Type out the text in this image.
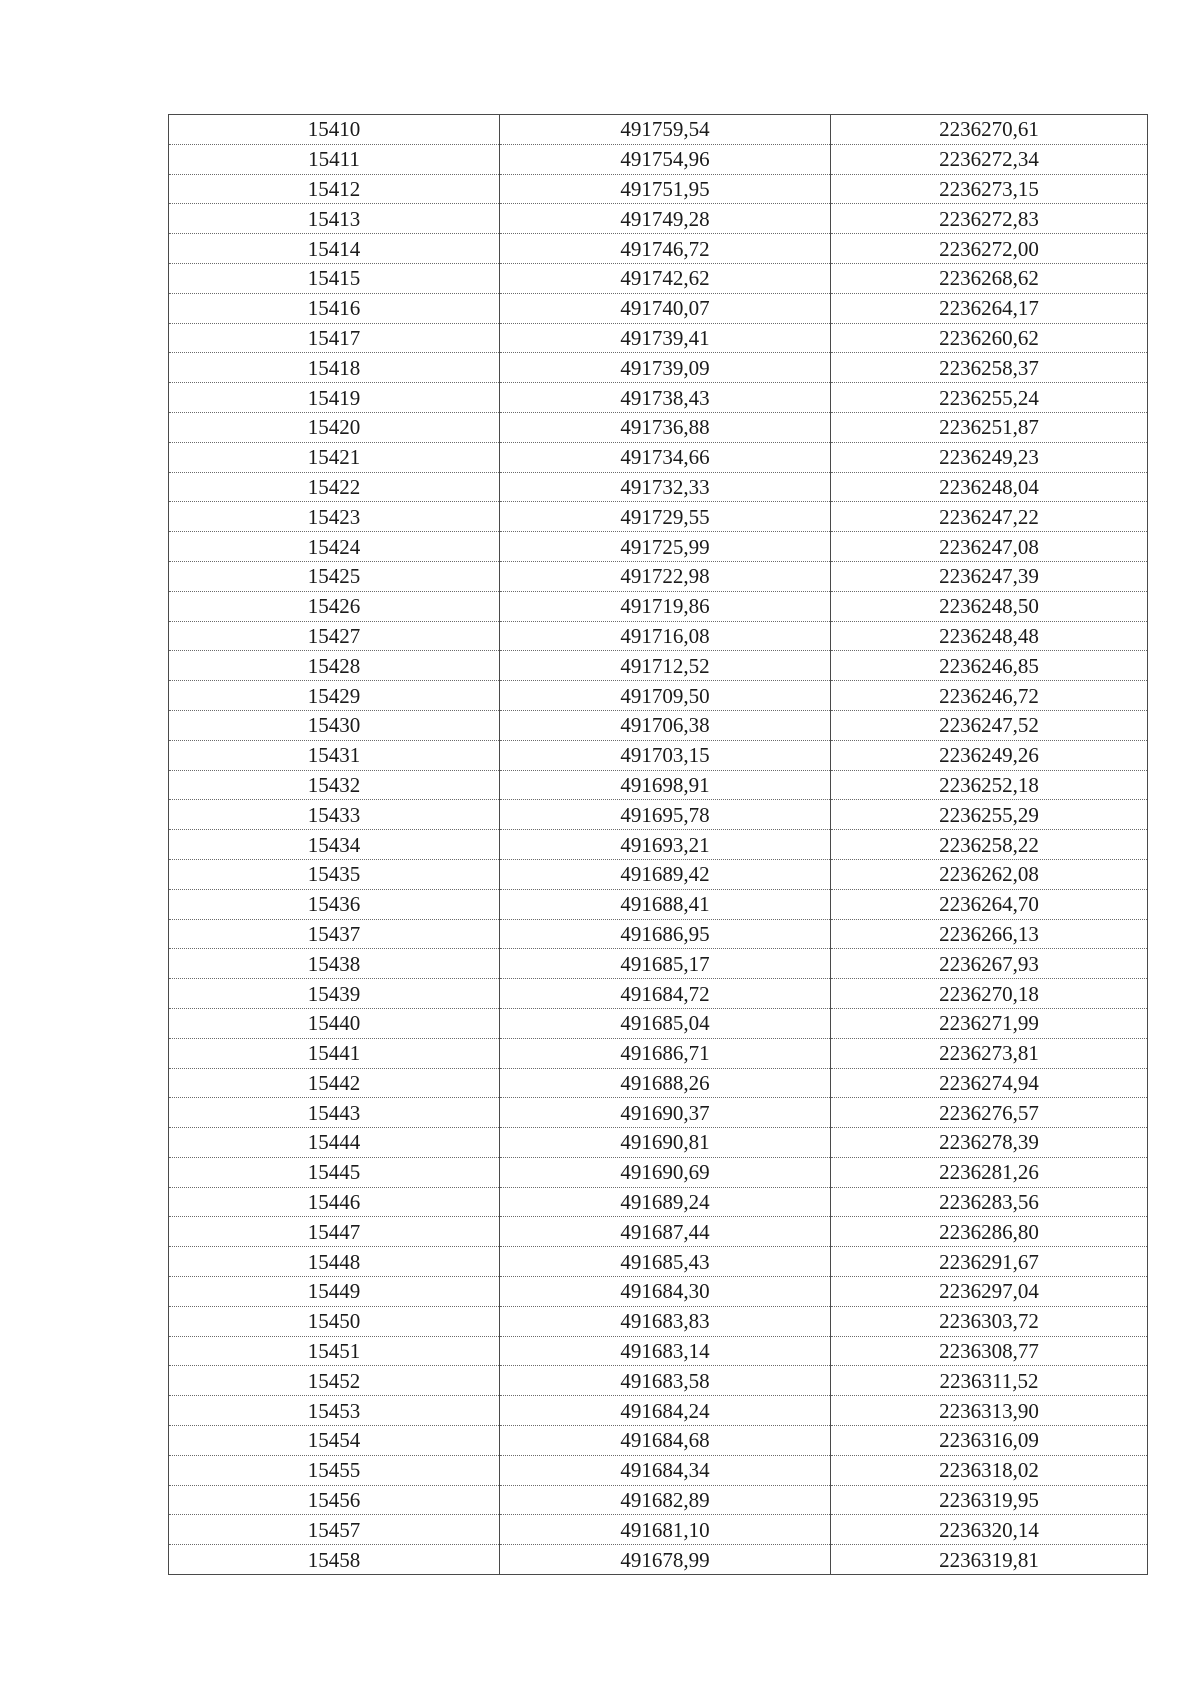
15410	491759,54	2236270,61
15411	491754,96	2236272,34
15412	491751,95	2236273,15
15413	491749,28	2236272,83
15414	491746,72	2236272,00
15415	491742,62	2236268,62
15416	491740,07	2236264,17
15417	491739,41	2236260,62
15418	491739,09	2236258,37
15419	491738,43	2236255,24
15420	491736,88	2236251,87
15421	491734,66	2236249,23
15422	491732,33	2236248,04
15423	491729,55	2236247,22
15424	491725,99	2236247,08
15425	491722,98	2236247,39
15426	491719,86	2236248,50
15427	491716,08	2236248,48
15428	491712,52	2236246,85
15429	491709,50	2236246,72
15430	491706,38	2236247,52
15431	491703,15	2236249,26
15432	491698,91	2236252,18
15433	491695,78	2236255,29
15434	491693,21	2236258,22
15435	491689,42	2236262,08
15436	491688,41	2236264,70
15437	491686,95	2236266,13
15438	491685,17	2236267,93
15439	491684,72	2236270,18
15440	491685,04	2236271,99
15441	491686,71	2236273,81
15442	491688,26	2236274,94
15443	491690,37	2236276,57
15444	491690,81	2236278,39
15445	491690,69	2236281,26
15446	491689,24	2236283,56
15447	491687,44	2236286,80
15448	491685,43	2236291,67
15449	491684,30	2236297,04
15450	491683,83	2236303,72
15451	491683,14	2236308,77
15452	491683,58	2236311,52
15453	491684,24	2236313,90
15454	491684,68	2236316,09
15455	491684,34	2236318,02
15456	491682,89	2236319,95
15457	491681,10	2236320,14
15458	491678,99	2236319,81
